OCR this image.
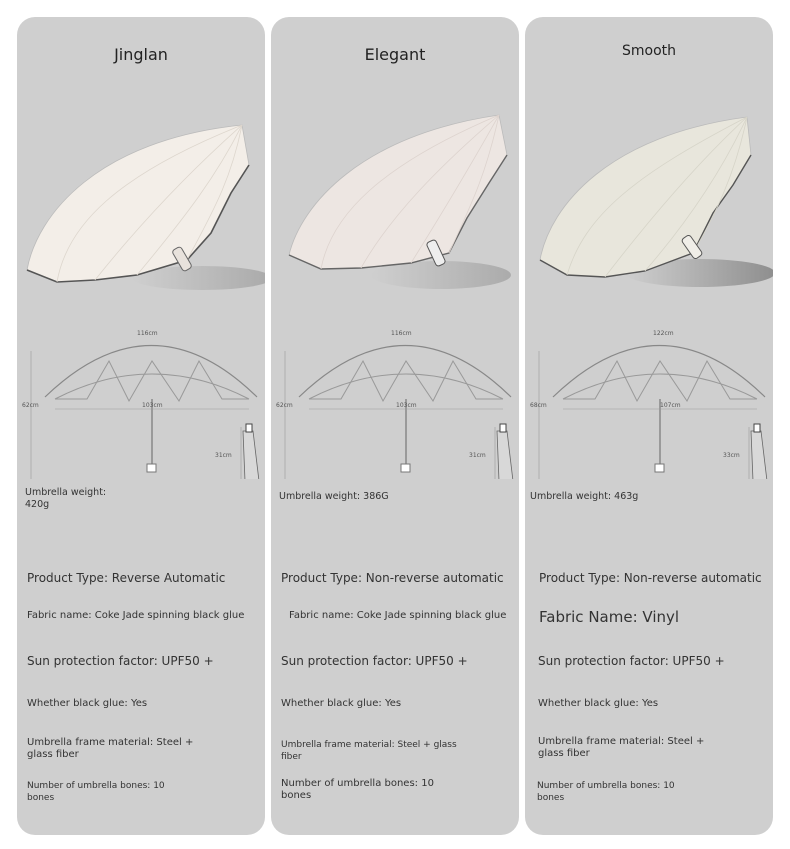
Jinglan
116cm
103cm
62cm
31cm
Umbrella weight:
420g
Product Type: Reverse Automatic
Fabric name: Coke Jade spinning black glue
Sun protection factor: UPF50 +
Whether black glue: Yes
Umbrella frame material: Steel + glass fiber
Number of umbrella bones: 10 bones
Elegant
116cm
103cm
62cm
31cm
Umbrella weight: 386G
Product Type: Non-reverse automatic
Fabric name: Coke Jade spinning black glue
Sun protection factor: UPF50 +
Whether black glue: Yes
Umbrella frame material: Steel + glass fiber
Number of umbrella bones: 10 bones
Smooth
122cm
107cm
68cm
33cm
Umbrella weight: 463g
Product Type: Non-reverse automatic
Fabric Name: Vinyl
Sun protection factor: UPF50 +
Whether black glue: Yes
Umbrella frame material: Steel + glass fiber
Number of umbrella bones: 10 bones
